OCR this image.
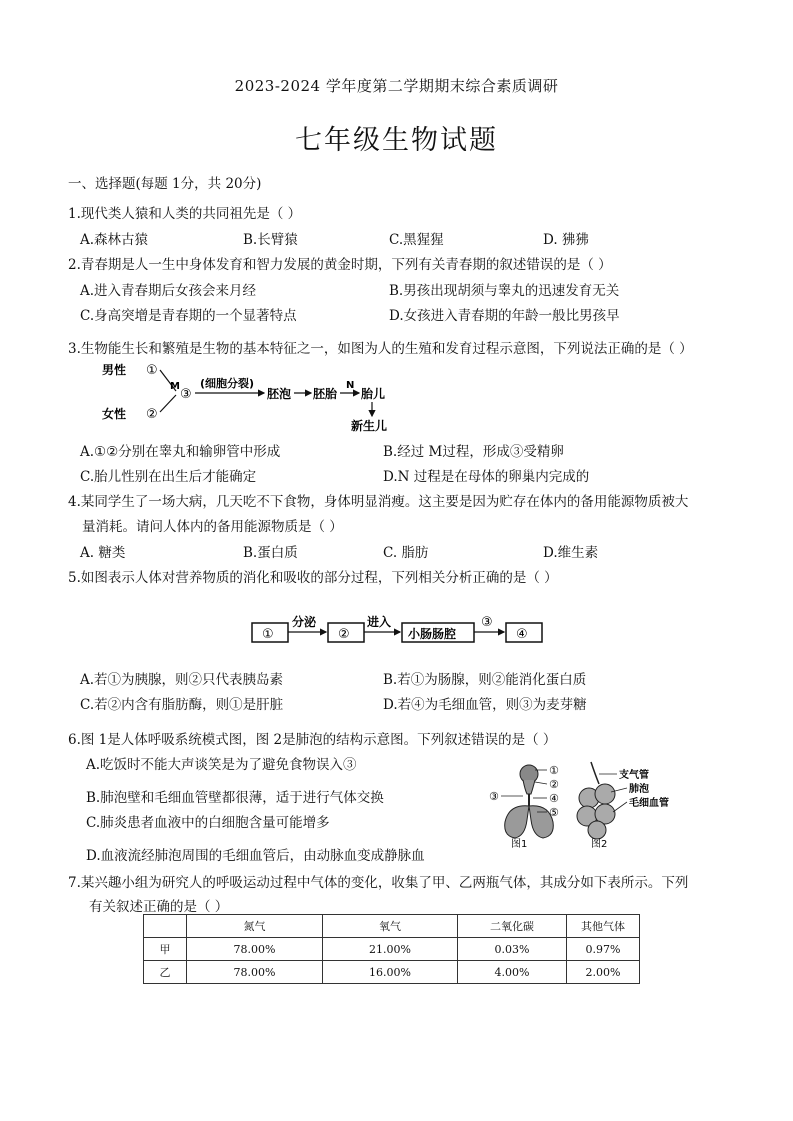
2023-2024 学年度第二学期期末综合素质调研
七年级生物试题
一、选择题(每题 1分，共 20分)
1.现代类人猿和人类的共同祖先是（ ）
A.森林古猿	B.长臂猿	C.黑猩猩	D. 狒狒
2.青春期是人一生中身体发育和智力发展的黄金时期，下列有关青春期的叙述错误的是（ ）
A.进入青春期后女孩会来月经	B.男孩出现胡须与睾丸的迅速发育无关
C.身高突增是青春期的一个显著特点	D.女孩进入青春期的年龄一般比男孩早
3.生物能生长和繁殖是生物的基本特征之一，如图为人的生殖和发育过程示意图，下列说法正确的是（ ）
男性 ①
女性 ②
M
③
(细胞分裂)
胚泡 胚胎
N
胎儿
新生儿
A.①②分别在睾丸和输卵管中形成	B.经过 M过程，形成③受精卵
C.胎儿性别在出生后才能确定	D.N 过程是在母体的卵巢内完成的
4.某同学生了一场大病，几天吃不下食物，身体明显消瘦。这主要是因为贮存在体内的备用能源物质被大
量消耗。请问人体内的备用能源物质是（ ）
A. 糖类	B.蛋白质	C. 脂肪	D.维生素
5.如图表示人体对营养物质的消化和吸收的部分过程，下列相关分析正确的是（ ）
①
分泌
②
进入
小肠肠腔
③
④
A.若①为胰腺，则②只代表胰岛素	B.若①为肠腺，则②能消化蛋白质
C.若②内含有脂肪酶，则①是肝脏	D.若④为毛细血管，则③为麦芽糖
6.图 1是人体呼吸系统模式图，图 2是肺泡的结构示意图。下列叙述错误的是（ ）
A.吃饭时不能大声谈笑是为了避免食物误入③
B.肺泡壁和毛细血管壁都很薄，适于进行气体交换
C.肺炎患者血液中的白细胞含量可能增多
D.血液流经肺泡周围的毛细血管后，由动脉血变成静脉血
①
②
③	④
⑤
图1
支气管
肺泡
毛细血管
图2
7.某兴趣小组为研究人的呼吸运动过程中气体的变化，收集了甲、乙两瓶气体，其成分如下表所示。下列
有关叙述正确的是（ ）
	氮气	氧气	二氧化碳	其他气体
甲	78.00%	21.00%	0.03%	0.97%
乙	78.00%	16.00%	4.00%	2.00%
